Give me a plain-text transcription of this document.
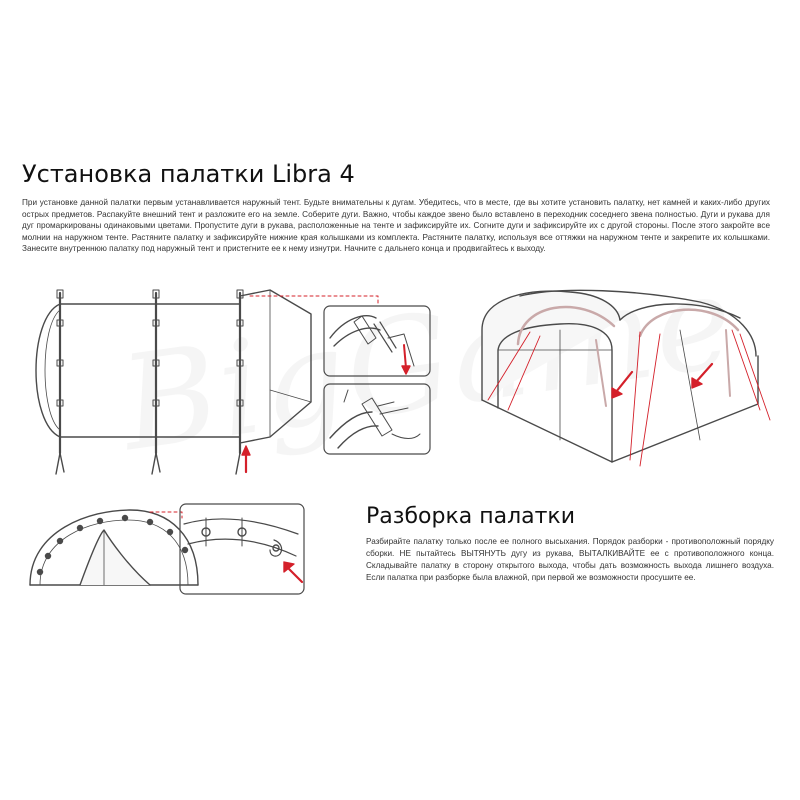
Установка палатки Libra 4
При установке данной палатки первым устанавливается наружный тент. Будьте внимательны к дугам. Убедитесь, что в месте, где вы хотите установить палатку, нет камней и каких-либо других острых предметов. Распакуйте внешний тент и разложите его на земле. Соберите дуги. Важно, чтобы каждое звено было вставлено в переходник соседнего звена полностью. Дуги и рукава для дуг промаркированы одинаковыми цветами. Пропустите дуги в рукава, расположенные на тенте и зафиксируйте их. Согните дуги и зафиксируйте их с другой стороны. После этого закройте все молнии на наружном тенте. Растяните палатку и зафиксируйте нижние края колышками из комплекта. Растяните палатку, используя все оттяжки на наружном тенте и закрепите их колышками. Занесите внутреннюю палатку под наружный тент и пристегните ее к нему изнутри. Начните с дальнего конца и продвигайтесь к выходу.
Разборка палатки
Разбирайте палатку только после ее полного высыхания. Порядок разборки - противоположный порядку сборки. НЕ пытайтесь ВЫТЯНУТЬ дугу из рукава, ВЫТАЛКИВАЙТЕ ее с противоположного конца. Складывайте палатку в сторону открытого выхода, чтобы дать возможность выхода лишнего воздуха. Если палатка при разборке была влажной, при первой же возможности просушите ее.
